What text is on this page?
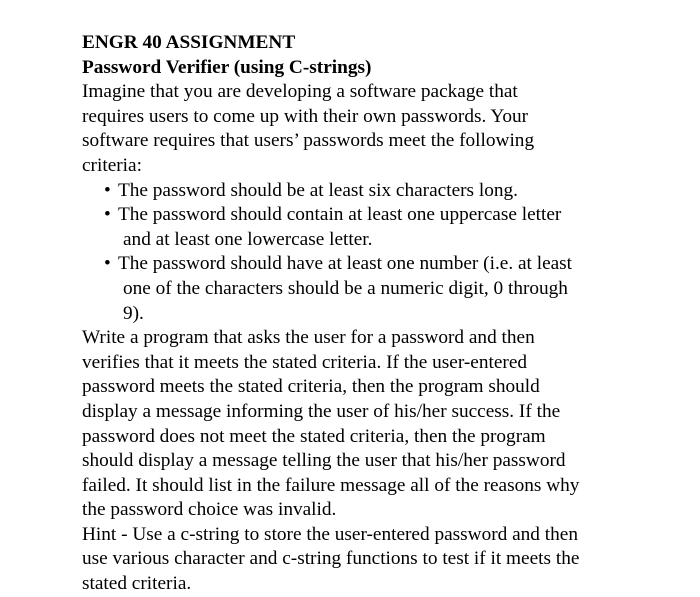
ENGR 40 ASSIGNMENT
Password Verifier (using C-strings)

Imagine that you are developing a software package that
requires users to come up with their own passwords. Your
software requires that users’ passwords meet the following
criteria:

• The password should be at least six characters long.
• The password should contain at least one uppercase letter
and at least one lowercase letter.
• The password should have at least one number (i.e. at least
one of the characters should be a numeric digit, 0 through
9).

Write a program that asks the user for a password and then
verifies that it meets the stated criteria. If the user-entered
password meets the stated criteria, then the program should
display a message informing the user of his/her success. If the
password does not meet the stated criteria, then the program
should display a message telling the user that his/her password
failed. It should list in the failure message all of the reasons why
the password choice was invalid.

Hint - Use a c-string to store the user-entered password and then
use various character and c-string functions to test if it meets the
stated criteria.
